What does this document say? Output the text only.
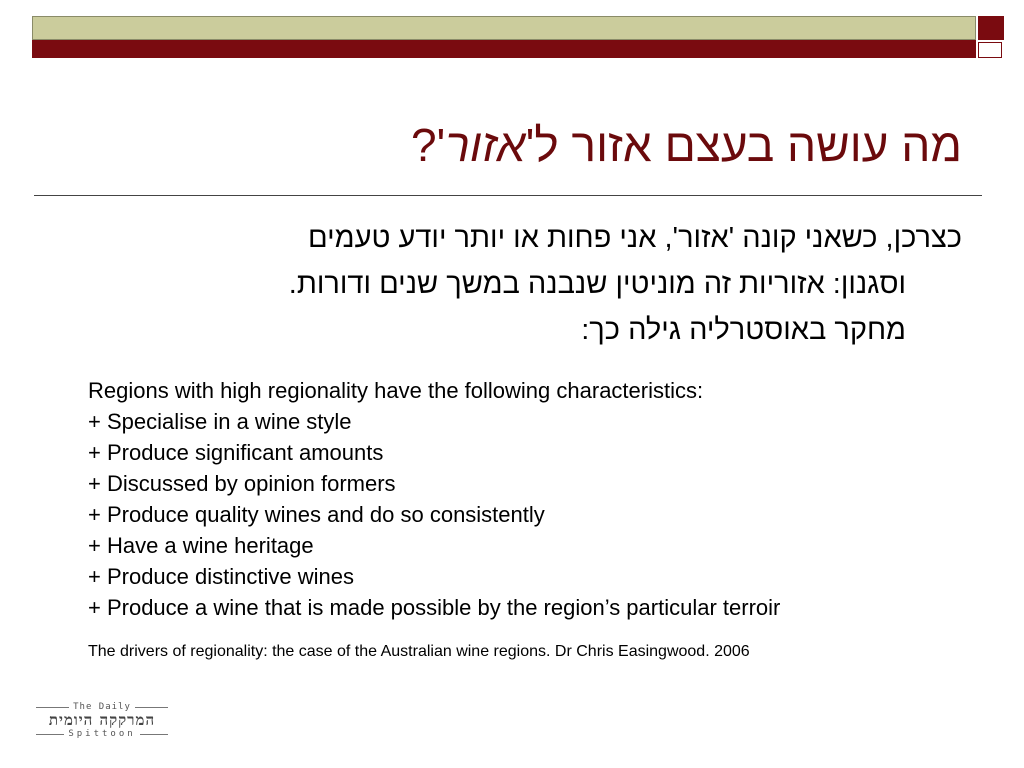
מה עושה בעצם אזור ל'אזור'?
כצרכן, כשאני קונה 'אזור', אני פחות או יותר יודע טעמים
וסגנון: אזוריות זה מוניטין שנבנה במשך שנים ודורות.
מחקר באוסטרליה גילה כך:
Regions with high regionality have the following characteristics:
+ Specialise in a wine style
+ Produce significant amounts
+ Discussed by opinion formers
+ Produce quality wines and do so consistently
+ Have a wine heritage
+ Produce distinctive wines
+ Produce a wine that is made possible by the region’s particular terroir
The drivers of regionality: the case of the Australian wine regions. Dr Chris Easingwood. 2006
The Daily
המרקקה היומית
Spittoon
